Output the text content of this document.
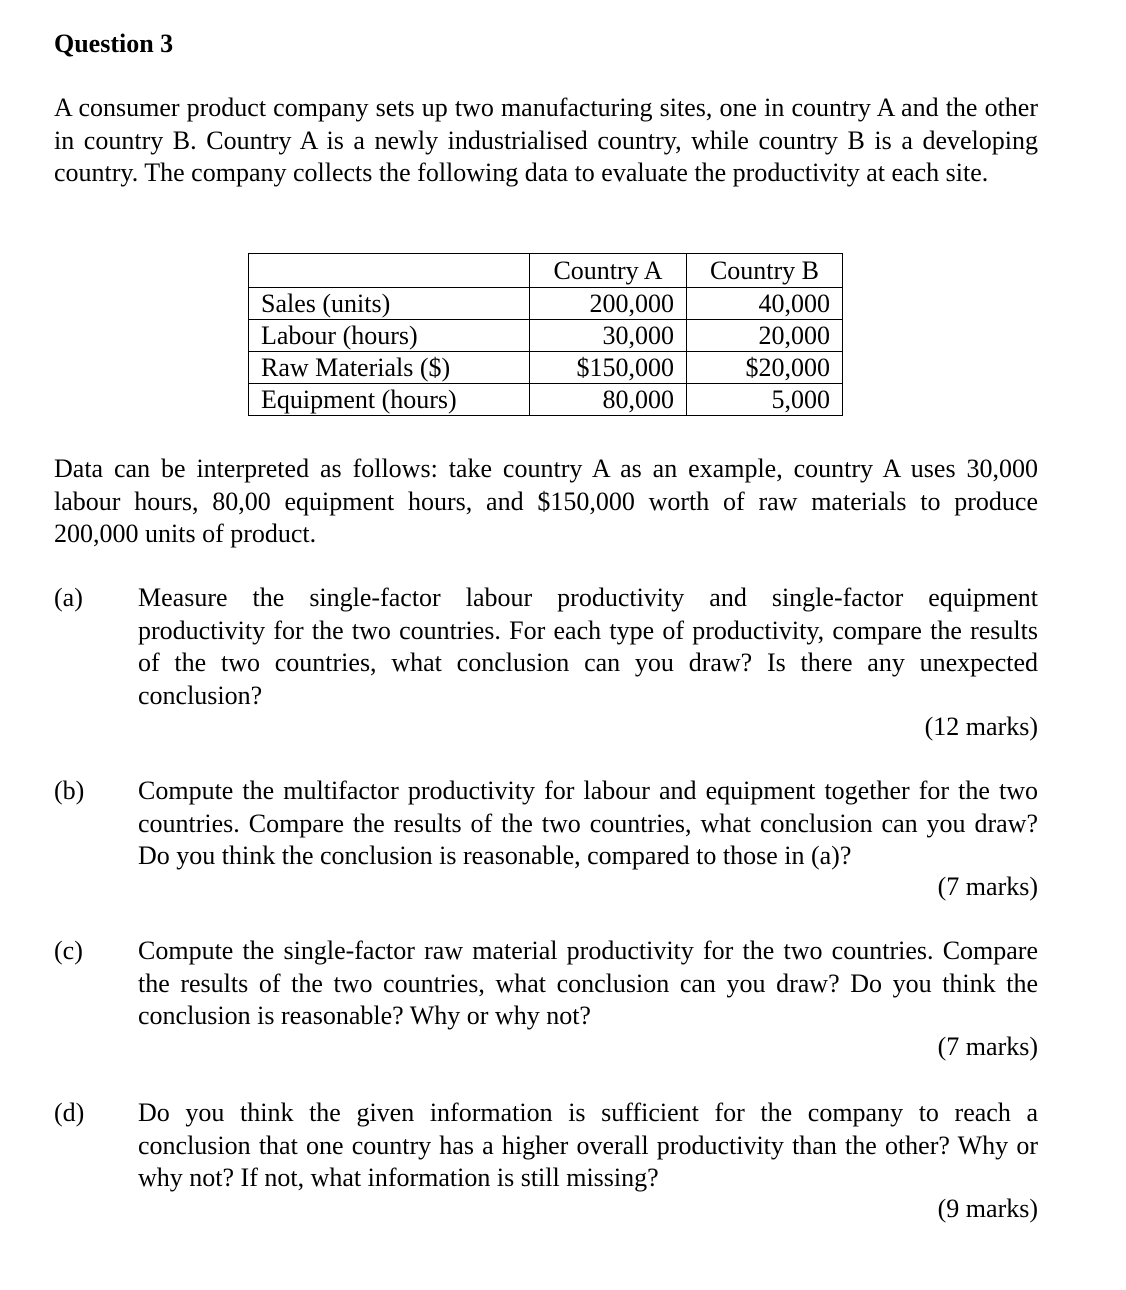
Question 3

A consumer product company sets up two manufacturing sites, one in country A and the other in country B. Country A is a newly industrialised country, while country B is a developing country. The company collects the following data to evaluate the productivity at each site.

	Country A	Country B
Sales (units)	200,000	40,000
Labour (hours)	30,000	20,000
Raw Materials ($)	$150,000	$20,000
Equipment (hours)	80,000	5,000

Data can be interpreted as follows: take country A as an example, country A uses 30,000 labour hours, 80,00 equipment hours, and $150,000 worth of raw materials to produce 200,000 units of product.

(a) Measure the single-factor labour productivity and single-factor equipment productivity for the two countries. For each type of productivity, compare the results of the two countries, what conclusion can you draw? Is there any unexpected conclusion?

(12 marks)
(b) Compute the multifactor productivity for labour and equipment together for the two countries. Compare the results of the two countries, what conclusion can you draw? Do you think the conclusion is reasonable, compared to those in (a)?

(7 marks)
(c) Compute the single-factor raw material productivity for the two countries. Compare the results of the two countries, what conclusion can you draw? Do you think the conclusion is reasonable? Why or why not?

(7 marks)
(d) Do you think the given information is sufficient for the company to reach a conclusion that one country has a higher overall productivity than the other? Why or why not? If not, what information is still missing?

(9 marks)
